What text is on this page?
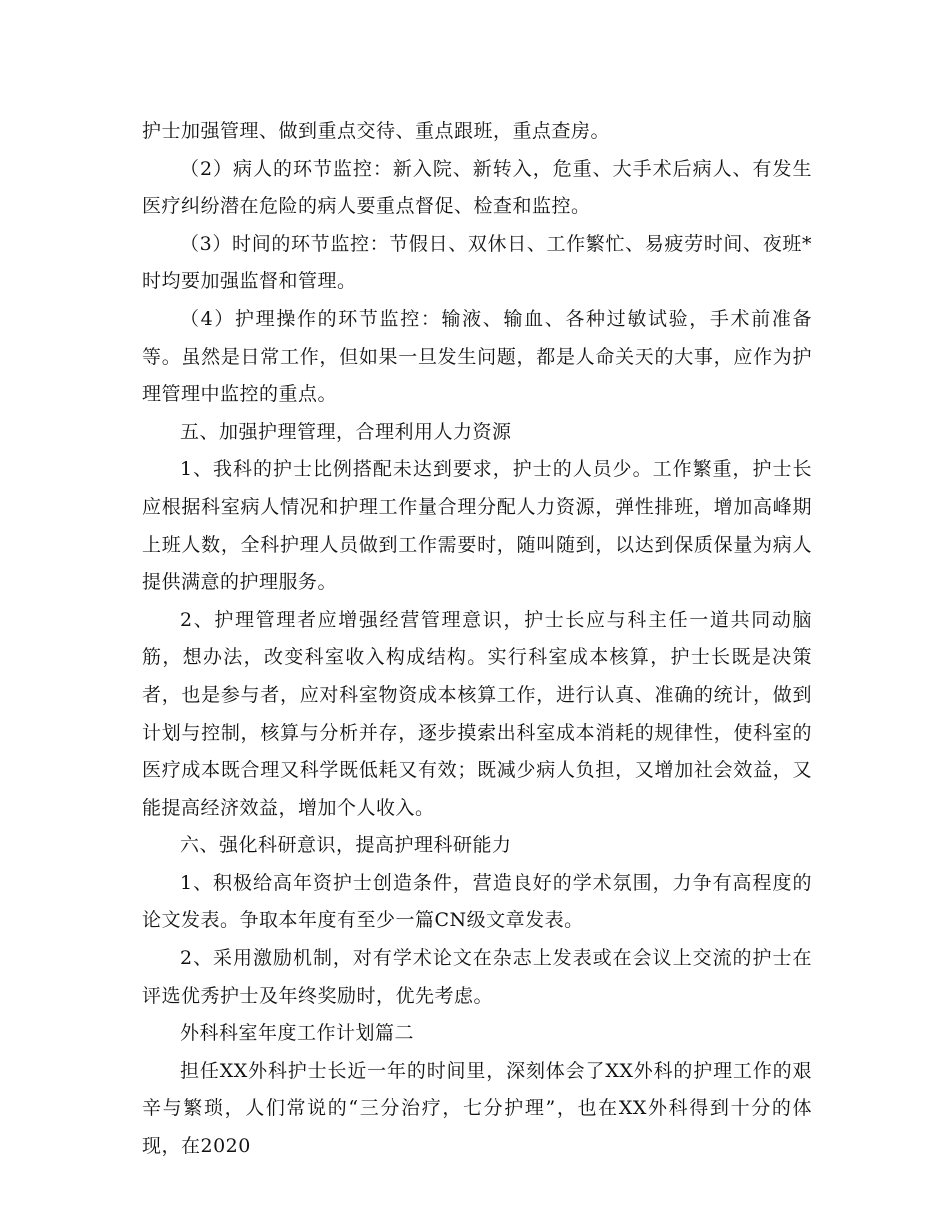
护士加强管理、做到重点交待、重点跟班，重点查房。

（2）病人的环节监控：新入院、新转入，危重、大手术后病人、有发生医疗纠纷潜在危险的病人要重点督促、检查和监控。

（3）时间的环节监控：节假日、双休日、工作繁忙、易疲劳时间、夜班*时均要加强监督和管理。

（4）护理操作的环节监控：输液、输血、各种过敏试验，手术前准备等。虽然是日常工作，但如果一旦发生问题，都是人命关天的大事，应作为护理管理中监控的重点。

五、加强护理管理，合理利用人力资源

1、我科的护士比例搭配未达到要求，护士的人员少。工作繁重，护士长应根据科室病人情况和护理工作量合理分配人力资源，弹性排班，增加高峰期上班人数，全科护理人员做到工作需要时，随叫随到，以达到保质保量为病人提供满意的护理服务。

2、护理管理者应增强经营管理意识，护士长应与科主任一道共同动脑筋，想办法，改变科室收入构成结构。实行科室成本核算，护士长既是决策者，也是参与者，应对科室物资成本核算工作，进行认真、准确的统计，做到计划与控制，核算与分析并存，逐步摸索出科室成本消耗的规律性，使科室的医疗成本既合理又科学既低耗又有效；既减少病人负担，又增加社会效益，又能提高经济效益，增加个人收入。

六、强化科研意识，提高护理科研能力

1、积极给高年资护士创造条件，营造良好的学术氛围，力争有高程度的论文发表。争取本年度有至少一篇CN级文章发表。

2、采用激励机制，对有学术论文在杂志上发表或在会议上交流的护士在评选优秀护士及年终奖励时，优先考虑。

外科科室年度工作计划篇二

担任XX外科护士长近一年的时间里，深刻体会了XX外科的护理工作的艰辛与繁琐，人们常说的“三分治疗，七分护理”，也在XX外科得到十分的体现，在2020
